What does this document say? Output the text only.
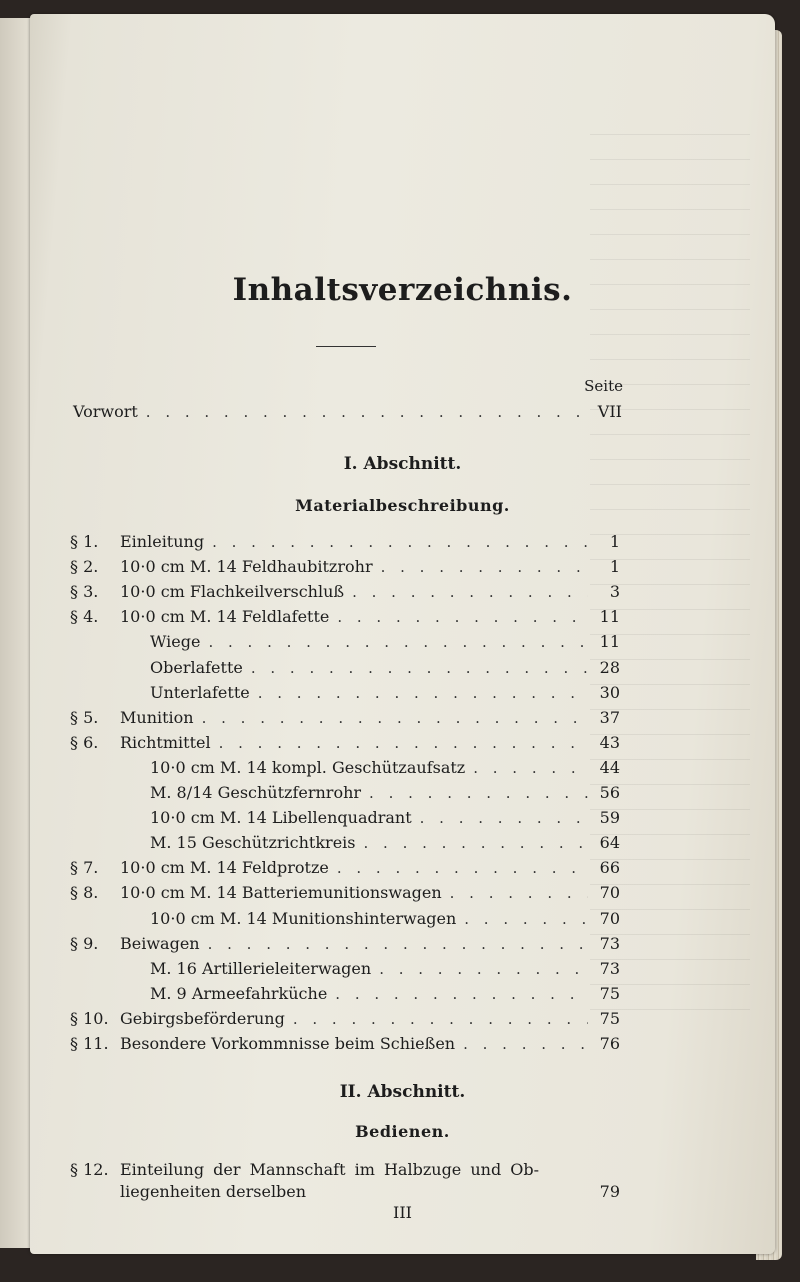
Inhaltsverzeichnis.
Seite
Vorwort . . .	VII
I. Abschnitt.
Materialbeschreibung.
§ 1.	Einleitung . . .	1
§ 2.	10·0 cm M. 14 Feldhaubitzrohr . . .	1
§ 3.	10·0 cm Flachkeilverschluß . . .	3
§ 4.	10·0 cm M. 14 Feldlafette . . .	11
Wiege . . .	11
Oberlafette . . .	28
Unterlafette . . .	30
§ 5.	Munition . . .	37
§ 6.	Richtmittel . . .	43
10·0 cm M. 14 kompl. Geschützaufsatz . . .	44
M. 8/14 Geschützfernrohr . . .	56
10·0 cm M. 14 Libellenquadrant . . .	59
M. 15 Geschützrichtkreis . . .	64
§ 7.	10·0 cm M. 14 Feldprotze . . .	66
§ 8.	10·0 cm M. 14 Batteriemunitionswagen . . .	70
10·0 cm M. 14 Munitionshinterwagen . . .	70
§ 9.	Beiwagen . . .	73
M. 16 Artillerieleiterwagen . . .	73
M. 9 Armeefahrküche . . .	75
§ 10. Gebirgsbeförderung . . .	75
§ 11. Besondere Vorkommnisse beim Schießen . . .	76
II. Abschnitt.
Bedienen.
§ 12. Einteilung der Mannschaft im Halbzuge und Ob-
liegenheiten derselben	79
III
